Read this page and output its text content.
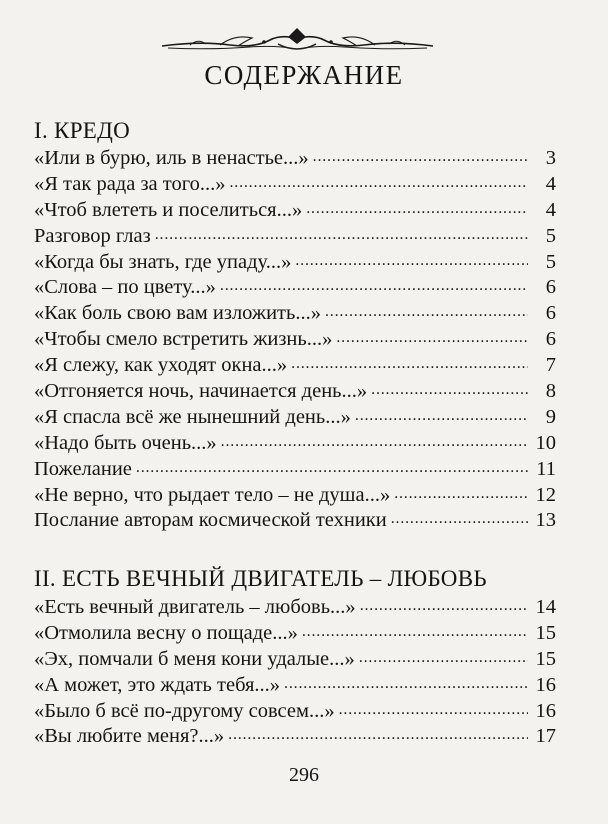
СОДЕРЖАНИЕ
I. КРЕДО
«Или в бурю, иль в ненастье...» . . .	3
«Я так рада за того...» . . .	4
«Чтоб влететь и поселиться...» . . .	4
Разговор глаз . . .	5
«Когда бы знать, где упаду...» . . .	5
«Слова – по цвету...» . . .	6
«Как боль свою вам изложить...» . . .	6
«Чтобы смело встретить жизнь...» . . .	6
«Я слежу, как уходят окна...» . . .	7
«Отгоняется ночь, начинается день...» . . .	8
«Я спасла всё же нынешний день...» . . .	9
«Надо быть очень...» . . .	10
Пожелание . . .	11
«Не верно, что рыдает тело – не душа...» . . .	12
Послание авторам космической техники . . .	13
II. ЕСТЬ ВЕЧНЫЙ ДВИГАТЕЛЬ – ЛЮБОВЬ
«Есть вечный двигатель – любовь...» . . .	14
«Отмолила весну о пощаде...» . . .	15
«Эх, помчали б меня кони удалые...» . . .	15
«А может, это ждать тебя...» . . .	16
«Было б всё по-другому совсем...» . . .	16
«Вы любите меня?...» . . .	17
296
